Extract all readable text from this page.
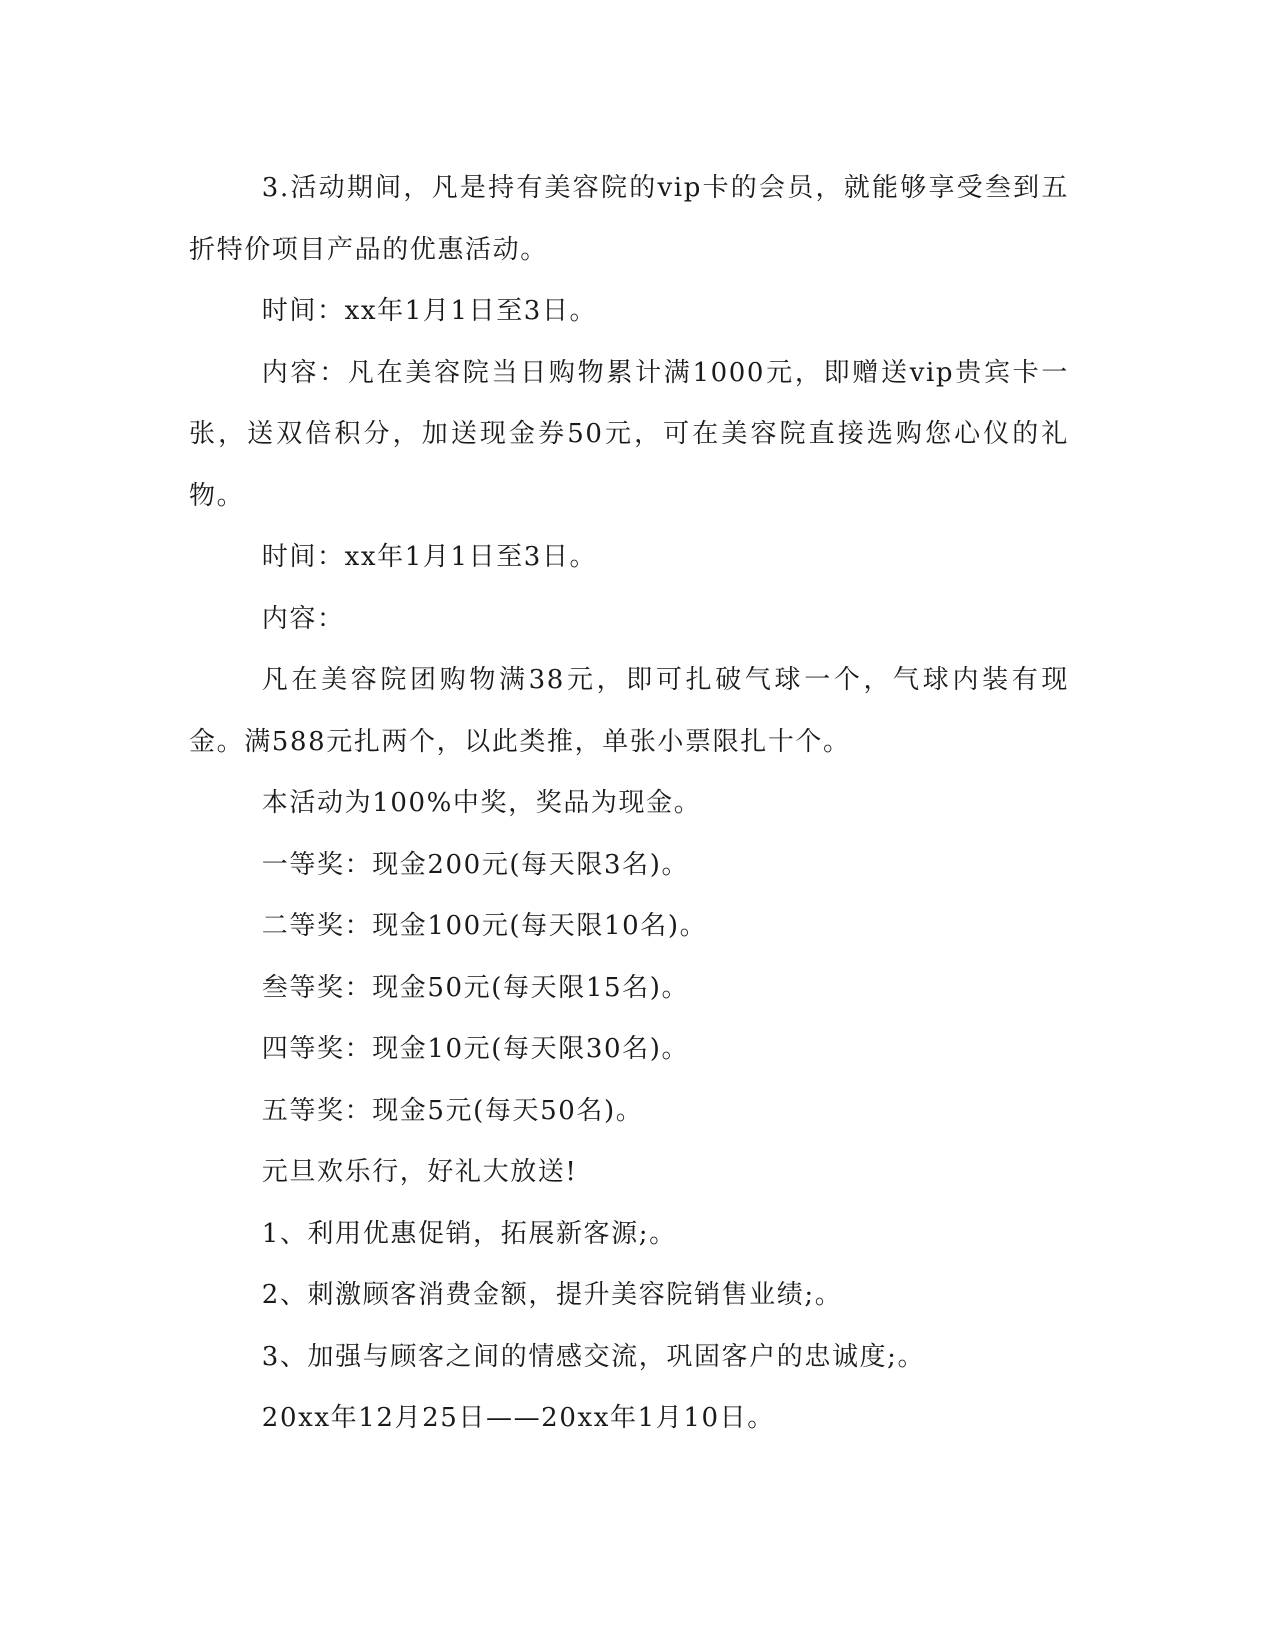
3.活动期间，凡是持有美容院的vip卡的会员，就能够享受叁到五折特价项目产品的优惠活动。

时间：xx年1月1日至3日。

内容：凡在美容院当日购物累计满1000元，即赠送vip贵宾卡一张，送双倍积分，加送现金券50元，可在美容院直接选购您心仪的礼物。

时间：xx年1月1日至3日。

内容：

凡在美容院团购物满38元，即可扎破气球一个，气球内装有现金。满588元扎两个，以此类推，单张小票限扎十个。

本活动为100%中奖，奖品为现金。

一等奖：现金200元(每天限3名)。

二等奖：现金100元(每天限10名)。

叁等奖：现金50元(每天限15名)。

四等奖：现金10元(每天限30名)。

五等奖：现金5元(每天50名)。

元旦欢乐行，好礼大放送!

1、利用优惠促销，拓展新客源;。

2、刺激顾客消费金额，提升美容院销售业绩;。

3、加强与顾客之间的情感交流，巩固客户的忠诚度;。

20xx年12月25日——20xx年1月10日。
